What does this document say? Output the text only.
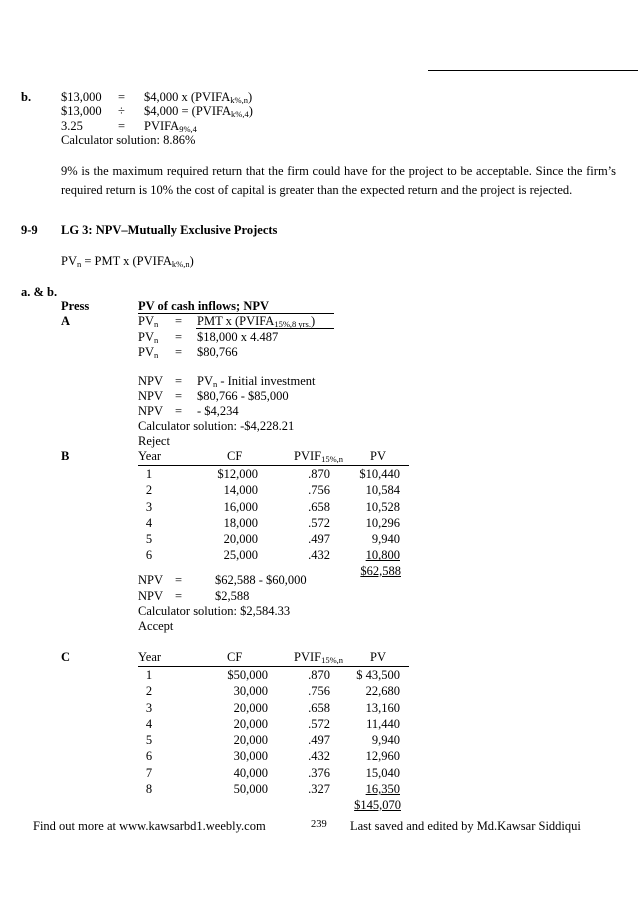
b. $13,000 = $4,000 x $(PVIFA_{k\%,n})$
$13,000 ÷ $4,000 = $(PVIFA_{k\%,4})$
3.25	= $PVIFA_{9\%,4}$
Calculator solution: 8.86%
9% is the maximum required return that the firm could have for the project to be acceptable. Since the firm’s required return is 10% the cost of capital is greater than the expected return and the project is rejected.
9-9 LG 3: NPV–Mutually Exclusive Projects
$PV_n$ = PMT x $(PVIFA_{k\%,n})$
a. & b.
Press	PV of cash inflows; NPV
A	$PV_n$ = PMT x $(PVIFA_{15\%,8 yrs.})$
$PV_n$ = $18,000 x 4.487
$PV_n$ = $80,766
NPV = $PV_n$ - Initial investment
NPV = $80,766 - $85,000
NPV = - $4,234
Calculator solution: -$4,228.21
Reject
B	Year	CF	$PVIF_{15\%,n}$ PV
1	$12,000	.870	$10,440
2	14,000	.756	10,584
3	16,000	.658	10,528
4	18,000	.572	10,296
5	20,000	.497	9,940
6	25,000	.432	10,800
$62,588
NPV =	$62,588 - $60,000
NPV =	$2,588
Calculator solution: $2,584.33
Accept
C	Year	CF	$PVIF_{15\%,n}$ PV
1	$50,000	.870	$ 43,500
2	30,000	.756	22,680
3	20,000	.658	13,160
4	20,000	.572	11,440
5	20,000	.497	9,940
6	30,000	.432	12,960
7	40,000	.376	15,040
8	50,000	.327	16,350
$145,070
Find out more at www.kawsarbd1.weebly.com	239 Last saved and edited by Md.Kawsar Siddiqui
